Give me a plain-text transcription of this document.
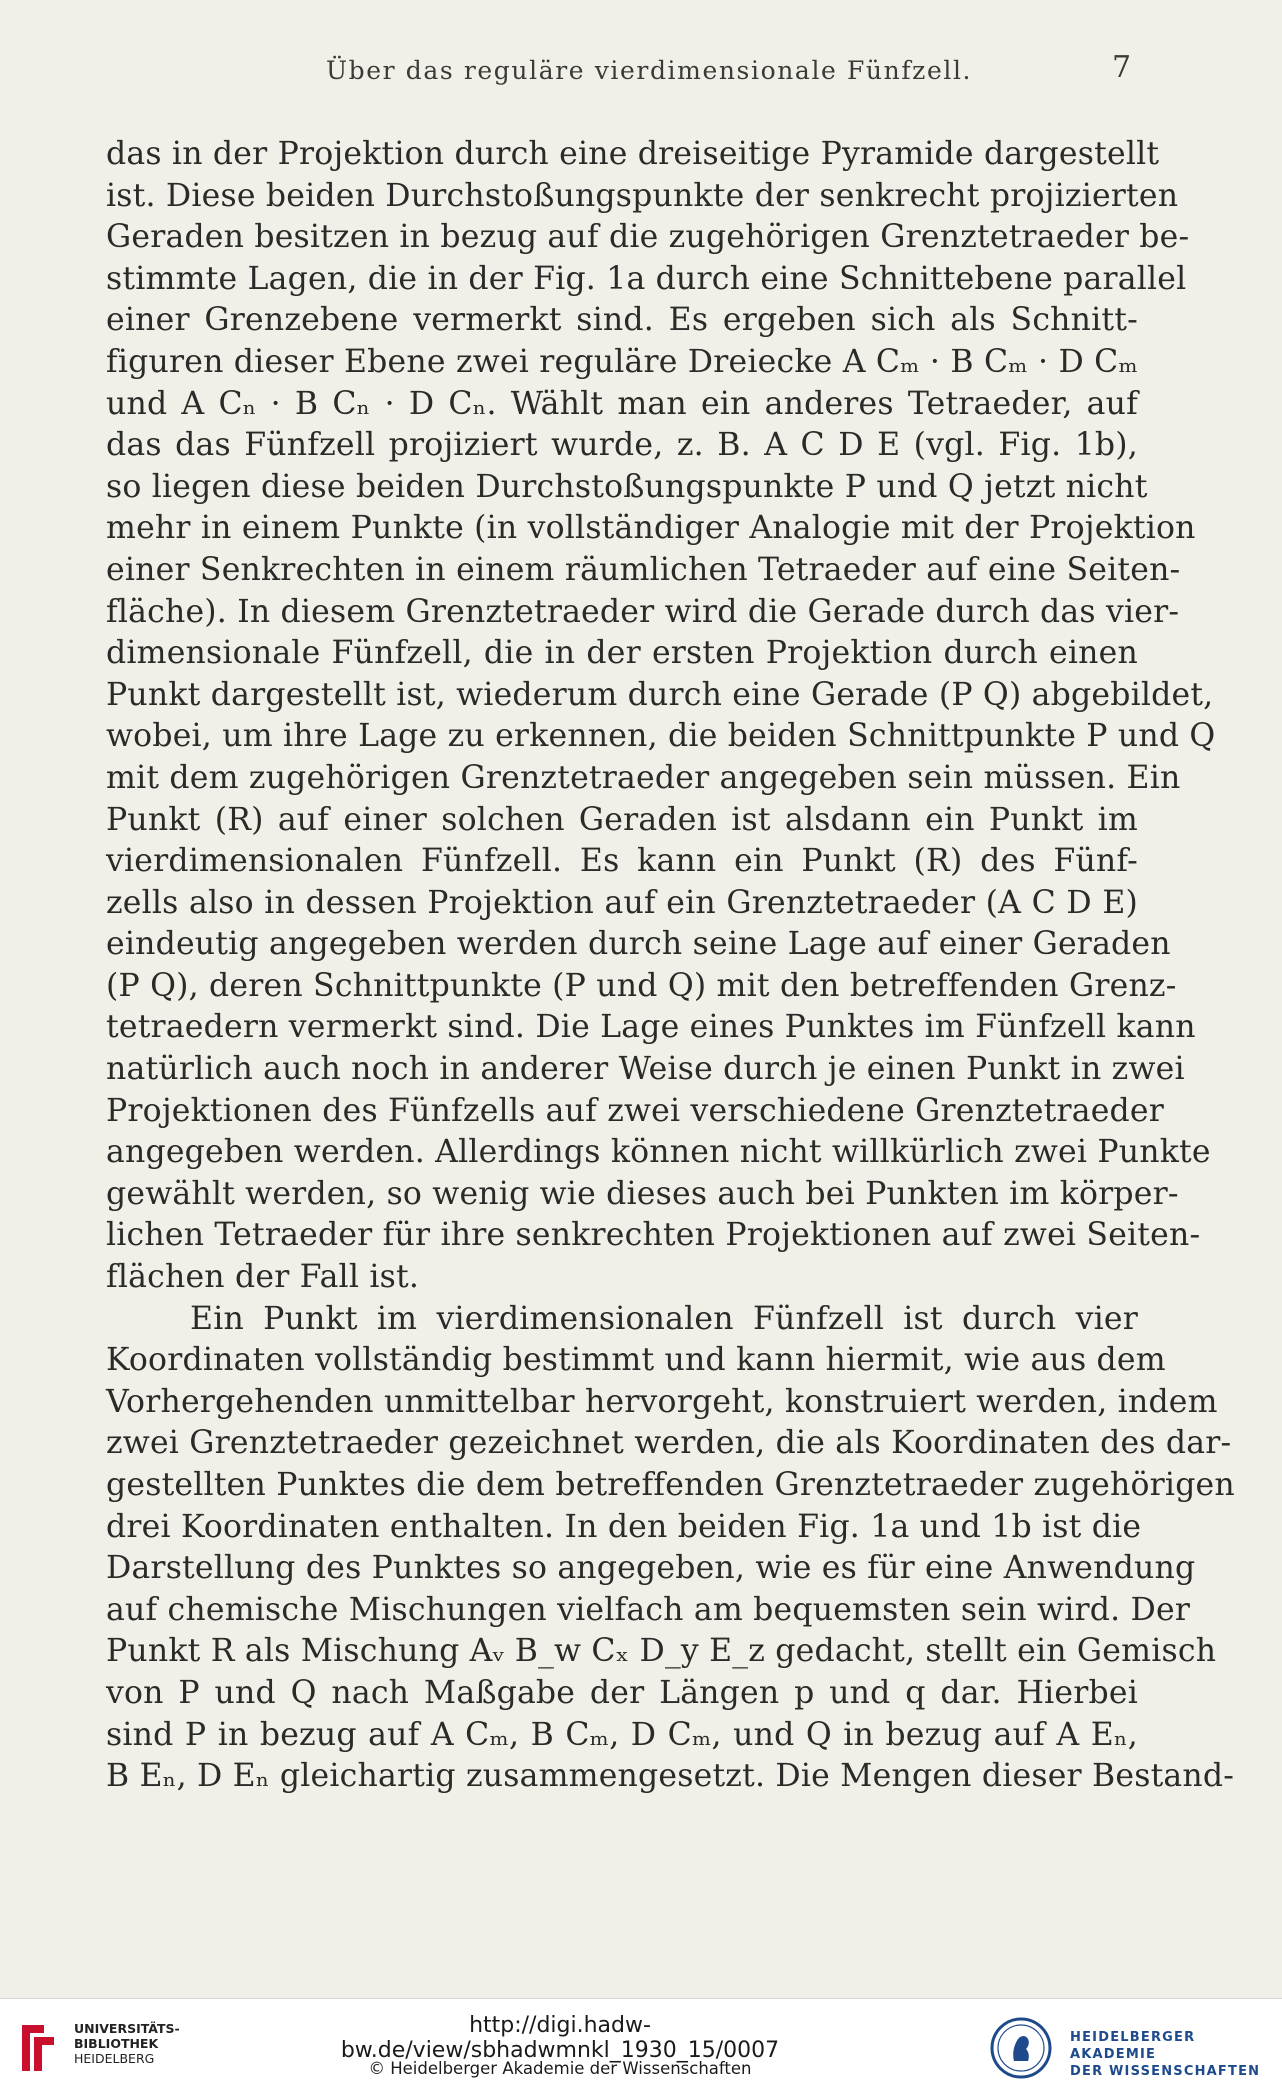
Über das reguläre vierdimensionale Fünfzell.	7
das in der Projektion durch eine dreiseitige Pyramide dargestellt
ist. Diese beiden Durchstoßungspunkte der senkrecht projizierten
Geraden besitzen in bezug auf die zugehörigen Grenztetraeder be-
stimmte Lagen, die in der Fig. 1a durch eine Schnittebene parallel
einer Grenzebene vermerkt sind. Es ergeben sich als Schnitt-
figuren dieser Ebene zwei reguläre Dreiecke A Cₘ · B Cₘ · D Cₘ
und A Cₙ · B Cₙ · D Cₙ. Wählt man ein anderes Tetraeder, auf
das das Fünfzell projiziert wurde, z. B. A C D E (vgl. Fig. 1b),
so liegen diese beiden Durchstoßungspunkte P und Q jetzt nicht
mehr in einem Punkte (in vollständiger Analogie mit der Projektion
einer Senkrechten in einem räumlichen Tetraeder auf eine Seiten-
fläche). In diesem Grenztetraeder wird die Gerade durch das vier-
dimensionale Fünfzell, die in der ersten Projektion durch einen
Punkt dargestellt ist, wiederum durch eine Gerade (P Q) abgebildet,
wobei, um ihre Lage zu erkennen, die beiden Schnittpunkte P und Q
mit dem zugehörigen Grenztetraeder angegeben sein müssen. Ein
Punkt (R) auf einer solchen Geraden ist alsdann ein Punkt im
vierdimensionalen Fünfzell. Es kann ein Punkt (R) des Fünf-
zells also in dessen Projektion auf ein Grenztetraeder (A C D E)
eindeutig angegeben werden durch seine Lage auf einer Geraden
(P Q), deren Schnittpunkte (P und Q) mit den betreffenden Grenz-
tetraedern vermerkt sind. Die Lage eines Punktes im Fünfzell kann
natürlich auch noch in anderer Weise durch je einen Punkt in zwei
Projektionen des Fünfzells auf zwei verschiedene Grenztetraeder
angegeben werden. Allerdings können nicht willkürlich zwei Punkte
gewählt werden, so wenig wie dieses auch bei Punkten im körper-
lichen Tetraeder für ihre senkrechten Projektionen auf zwei Seiten-
flächen der Fall ist.
Ein Punkt im vierdimensionalen Fünfzell ist durch vier
Koordinaten vollständig bestimmt und kann hiermit, wie aus dem
Vorhergehenden unmittelbar hervorgeht, konstruiert werden, indem
zwei Grenztetraeder gezeichnet werden, die als Koordinaten des dar-
gestellten Punktes die dem betreffenden Grenztetraeder zugehörigen
drei Koordinaten enthalten. In den beiden Fig. 1a und 1b ist die
Darstellung des Punktes so angegeben, wie es für eine Anwendung
auf chemische Mischungen vielfach am bequemsten sein wird. Der
Punkt R als Mischung Aᵥ B_w Cₓ D_y E_z gedacht, stellt ein Gemisch
von P und Q nach Maßgabe der Längen p und q dar. Hierbei
sind P in bezug auf A Cₘ, B Cₘ, D Cₘ, und Q in bezug auf A Eₙ,
B Eₙ, D Eₙ gleichartig zusammengesetzt. Die Mengen dieser Bestand-
UNIVERSITÄTS-BIBLIOTHEK
HEIDELBERG
http://digi.hadw-bw.de/view/sbhadwmnkl_1930_15/0007
© Heidelberger Akademie der Wissenschaften
HEIDELBERGER AKADEMIE
DER WISSENSCHAFTEN
